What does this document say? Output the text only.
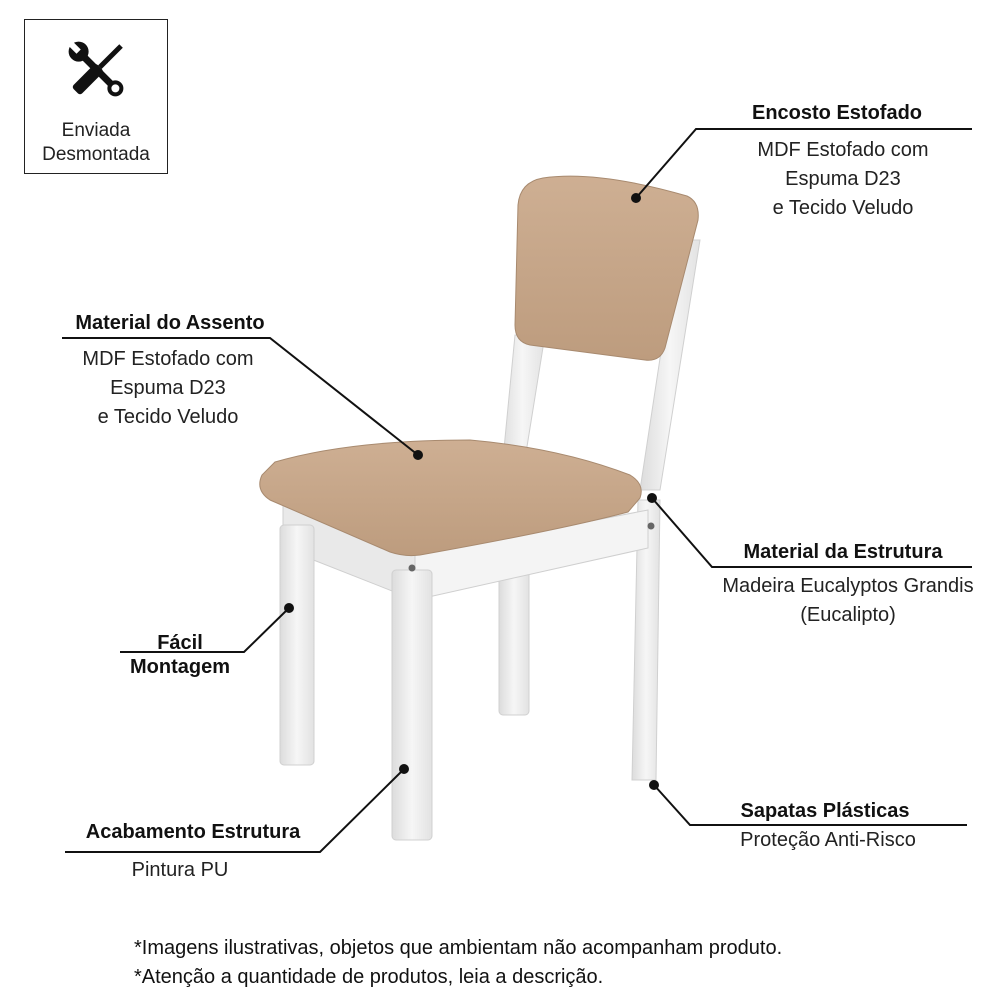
Enviada
Desmontada
Encosto Estofado
MDF Estofado com
Espuma D23
e Tecido Veludo
Material do Assento
MDF Estofado com
Espuma D23
e Tecido Veludo
Material da Estrutura
Madeira Eucalyptos Grandis
(Eucalipto)
Fácil
Montagem
Acabamento Estrutura
Pintura PU
Sapatas Plásticas
Proteção Anti-Risco
*Imagens ilustrativas, objetos que ambientam não acompanham produto.
*Atenção a quantidade de produtos, leia a descrição.
